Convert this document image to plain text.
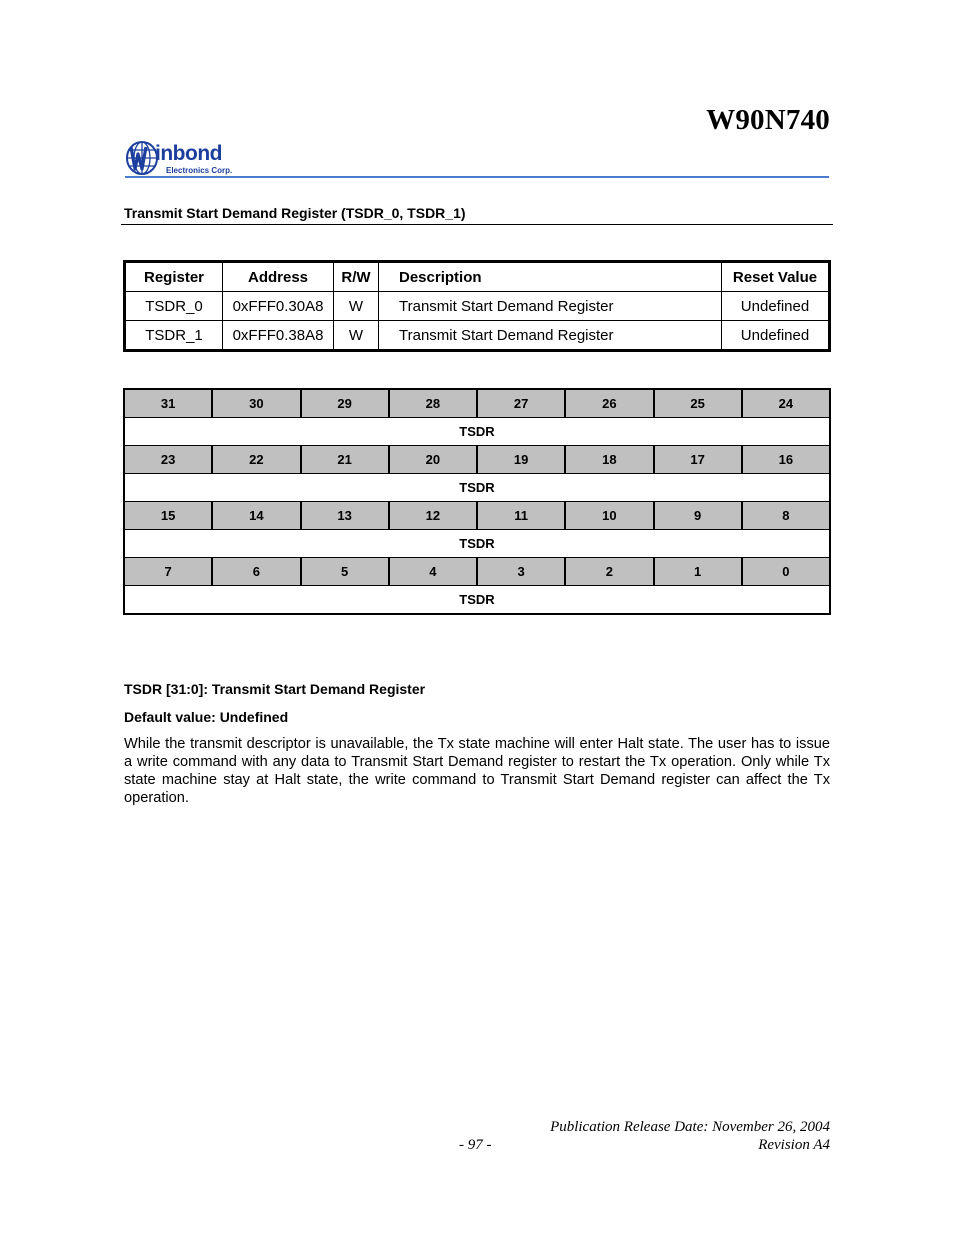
W90N740
inbond
Electronics Corp.
Transmit Start Demand Register (TSDR_0, TSDR_1)
Register	Address	R/W	Description	Reset Value
TSDR_0	0xFFF0.30A8	W	Transmit Start Demand Register	Undefined
TSDR_1	0xFFF0.38A8	W	Transmit Start Demand Register	Undefined
31	30	29	28	27	26	25	24
TSDR							
23	22	21	20	19	18	17	16
TSDR							
15	14	13	12	11	10	9	8
TSDR							
7	6	5	4	3	2	1	0
TSDR							
TSDR [31:0]: Transmit Start Demand Register
Default value: Undefined
While the transmit descriptor is unavailable, the Tx state machine will enter Halt state. The user has to issue a write command with any data to Transmit Start Demand register to restart the Tx operation. Only while Tx state machine stay at Halt state, the write command to Transmit Start Demand register can affect the Tx operation.
Publication Release Date: November 26, 2004
- 97 -	Revision A4
